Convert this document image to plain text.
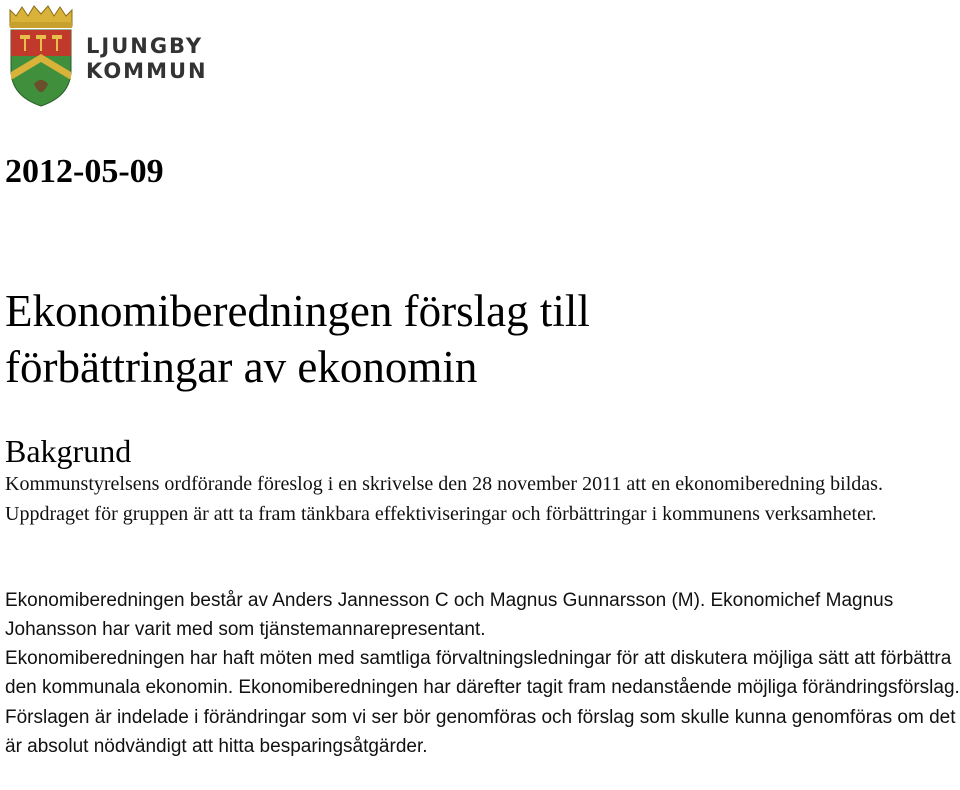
LJUNGBY
KOMMUN
2012-05-09
Ekonomiberedningen förslag till
förbättringar av ekonomin
Bakgrund

Kommunstyrelsens ordförande föreslog i en skrivelse den 28 november 2011 att en ekonomiberedning bildas. Uppdraget för gruppen är att ta fram tänkbara effektiviseringar och förbättringar i kommunens verksamheter.

Ekonomiberedningen består av Anders Jannesson C och Magnus Gunnarsson (M). Ekonomichef Magnus Johansson har varit med som tjänstemannarepresentant.

Ekonomiberedningen har haft möten med samtliga förvaltningsledningar för att diskutera möjliga sätt att förbättra den kommunala ekonomin. Ekonomiberedningen har därefter tagit fram nedanstående möjliga förändringsförslag. Förslagen är indelade i förändringar som vi ser bör genomföras och förslag som skulle kunna genomföras om det är absolut nödvändigt att hitta besparingsåtgärder.
